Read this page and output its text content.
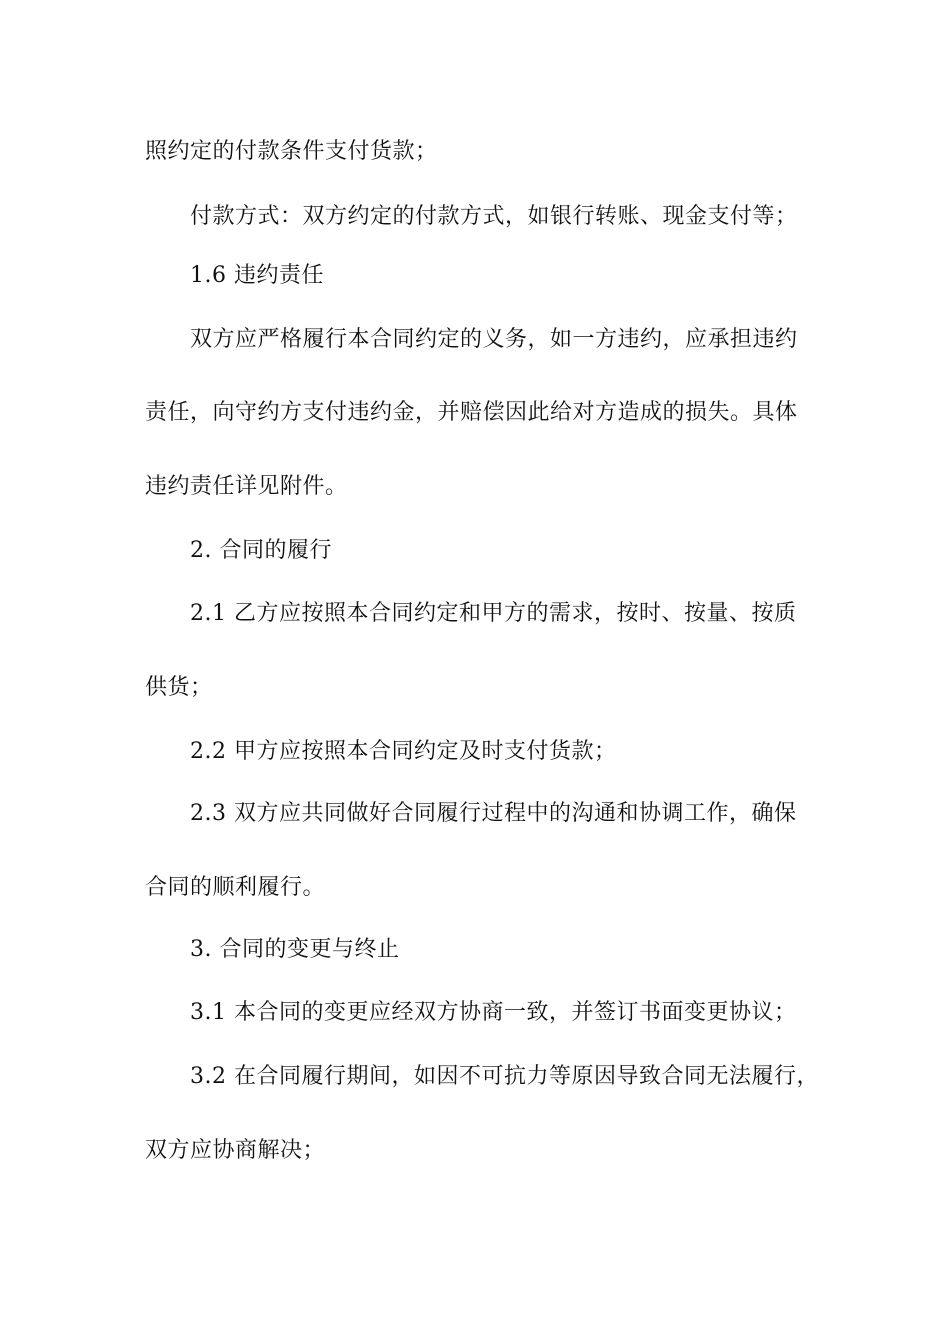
照约定的付款条件支付货款；
付款方式：双方约定的付款方式，如银行转账、现金支付等；
1.6 违约责任
双方应严格履行本合同约定的义务，如一方违约，应承担违约
责任，向守约方支付违约金，并赔偿因此给对方造成的损失。具体
违约责任详见附件。
2. 合同的履行
2.1 乙方应按照本合同约定和甲方的需求，按时、按量、按质
供货；
2.2 甲方应按照本合同约定及时支付货款；
2.3 双方应共同做好合同履行过程中的沟通和协调工作，确保
合同的顺利履行。
3. 合同的变更与终止
3.1 本合同的变更应经双方协商一致，并签订书面变更协议；
3.2 在合同履行期间，如因不可抗力等原因导致合同无法履行，
双方应协商解决；
